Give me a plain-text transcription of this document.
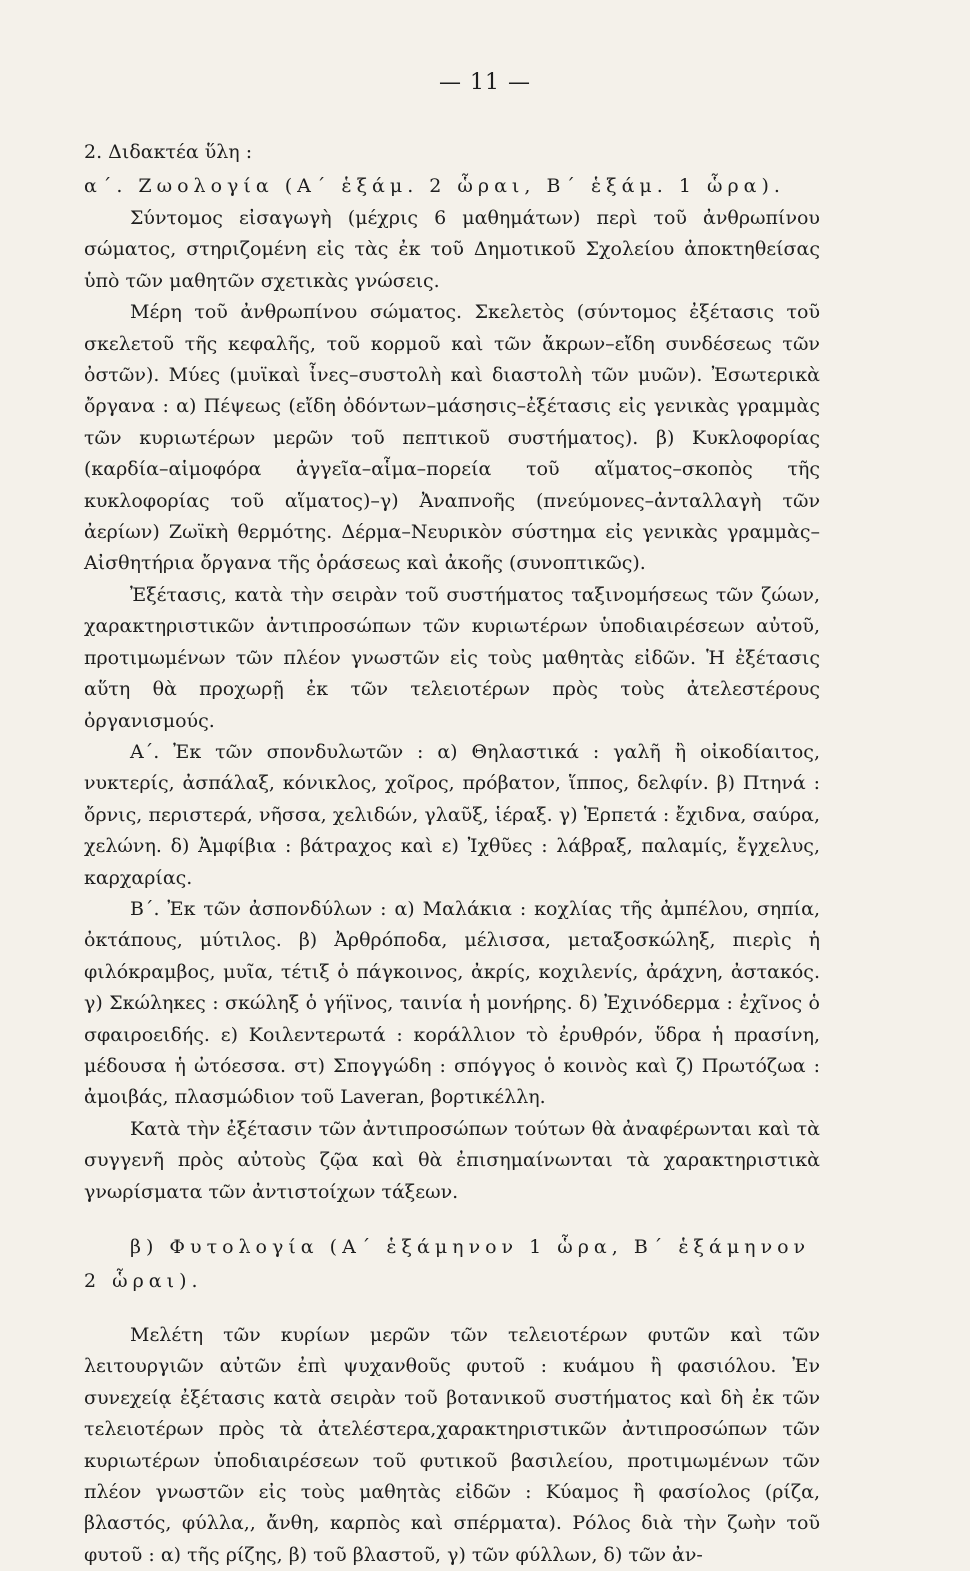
— 11 —
2. Διδακτέα ὕλη :
α΄. Ζωολογία (Α΄ ἑξάμ. 2 ὧραι, Β΄ ἑξάμ. 1 ὧρα).

Σύντομος εἰσαγωγὴ (μέχρις 6 μαθημάτων) περὶ τοῦ ἀνθρωπίνου σώματος, στηριζομένη εἰς τὰς ἐκ τοῦ Δημοτικοῦ Σχολείου ἀποκτηθείσας ὑπὸ τῶν μαθητῶν σχετικὰς γνώσεις.

Μέρη τοῦ ἀνθρωπίνου σώματος. Σκελετὸς (σύντομος ἐξέτασις τοῦ σκελετοῦ τῆς κεφαλῆς, τοῦ κορμοῦ καὶ τῶν ἄκρων–εἴδη συνδέσεως τῶν ὀστῶν). Μύες (μυϊκαὶ ἶνες–συστολὴ καὶ διαστολὴ τῶν μυῶν). Ἐσωτερικὰ ὄργανα : α) Πέψεως (εἴδη ὀδόντων–μάσησις–ἐξέτασις εἰς γενικὰς γραμμὰς τῶν κυριωτέρων μερῶν τοῦ πεπτικοῦ συστήματος). β) Κυκλοφορίας (καρδία–αἱμοφόρα ἀγγεῖα–αἷμα–πορεία τοῦ αἵματος–σκοπὸς τῆς κυκλοφορίας τοῦ αἵματος)–γ) Ἀναπνοῆς (πνεύμονες–ἀνταλλαγὴ τῶν ἀερίων) Ζωϊκὴ θερμότης. Δέρμα–Νευρικὸν σύστημα εἰς γενικὰς γραμμὰς–Αἰσθητήρια ὄργανα τῆς ὁράσεως καὶ ἀκοῆς (συνοπτικῶς).

Ἐξέτασις, κατὰ τὴν σειρὰν τοῦ συστήματος ταξινομήσεως τῶν ζώων, χαρακτηριστικῶν ἀντιπροσώπων τῶν κυριωτέρων ὑποδιαιρέσεων αὐτοῦ, προτιμωμένων τῶν πλέον γνωστῶν εἰς τοὺς μαθητὰς εἰδῶν. Ἡ ἐξέτασις αὕτη θὰ προχωρῇ ἐκ τῶν τελειοτέρων πρὸς τοὺς ἀτελεστέρους ὀργανισμούς.

Α΄. Ἐκ τῶν σπονδυλωτῶν : α) Θηλαστικά : γαλῆ ἢ οἰκοδίαιτος, νυκτερίς, ἀσπάλαξ, κόνικλος, χοῖρος, πρόβατον, ἵππος, δελφίν. β) Πτηνά : ὄρνις, περιστερά, νῆσσα, χελιδών, γλαῦξ, ἱέραξ. γ) Ἑρπετά : ἔχιδνα, σαύρα, χελώνη. δ) Ἀμφίβια : βάτραχος καὶ ε) Ἰχθῦες : λάβραξ, παλαμίς, ἔγχελυς, καρχαρίας.

Β΄. Ἐκ τῶν ἀσπονδύλων : α) Μαλάκια : κοχλίας τῆς ἀμπέλου, σηπία, ὀκτάπους, μύτιλος. β) Ἀρθρόποδα, μέλισσα, μεταξοσκώληξ, πιερὶς ἡ φιλόκραμβος, μυῖα, τέτιξ ὁ πάγκοινος, ἀκρίς, κοχιλενίς, ἀράχνη, ἀστακός. γ) Σκώληκες : σκώληξ ὁ γήϊνος, ταινία ἡ μονήρης. δ) Ἐχινόδερμα : ἐχῖνος ὁ σφαιροειδής. ε) Κοιλεντερωτά : κοράλλιον τὸ ἐρυθρόν, ὕδρα ἡ πρασίνη, μέδουσα ἡ ὠτόεσσα. στ) Σπογγώδη : σπόγγος ὁ κοινὸς καὶ ζ) Πρωτόζωα : ἀμοιβάς, πλασμώδιον τοῦ Laveran, βορτικέλλη.

Κατὰ τὴν ἐξέτασιν τῶν ἀντιπροσώπων τούτων θὰ ἀναφέρωνται καὶ τὰ συγγενῆ πρὸς αὐτοὺς ζῷα καὶ θὰ ἐπισημαίνωνται τὰ χαρακτηριστικὰ γνωρίσματα τῶν ἀντιστοίχων τάξεων.

β) Φυτολογία (Α΄ ἑξάμηνον 1 ὧρα, Β΄ ἑξάμηνον 2 ὧραι).

Μελέτη τῶν κυρίων μερῶν τῶν τελειοτέρων φυτῶν καὶ τῶν λειτουργιῶν αὐτῶν ἐπὶ ψυχανθοῦς φυτοῦ : κυάμου ἢ φασιόλου. Ἐν συνεχείᾳ ἐξέτασις κατὰ σειρὰν τοῦ βοτανικοῦ συστήματος καὶ δὴ ἐκ τῶν τελειοτέρων πρὸς τὰ ἀτελέστερα,χαρακτηριστικῶν ἀντιπροσώπων τῶν κυριωτέρων ὑποδιαιρέσεων τοῦ φυτικοῦ βασιλείου, προτιμωμένων τῶν πλέον γνωστῶν εἰς τοὺς μαθητὰς εἰδῶν : Κύαμος ἢ φασίολος (ρίζα, βλαστός, φύλλα,, ἄνθη, καρπὸς καὶ σπέρματα). Ρόλος διὰ τὴν ζωὴν τοῦ φυτοῦ : α) τῆς ρίζης, β) τοῦ βλαστοῦ, γ) τῶν φύλλων, δ) τῶν ἀν-
